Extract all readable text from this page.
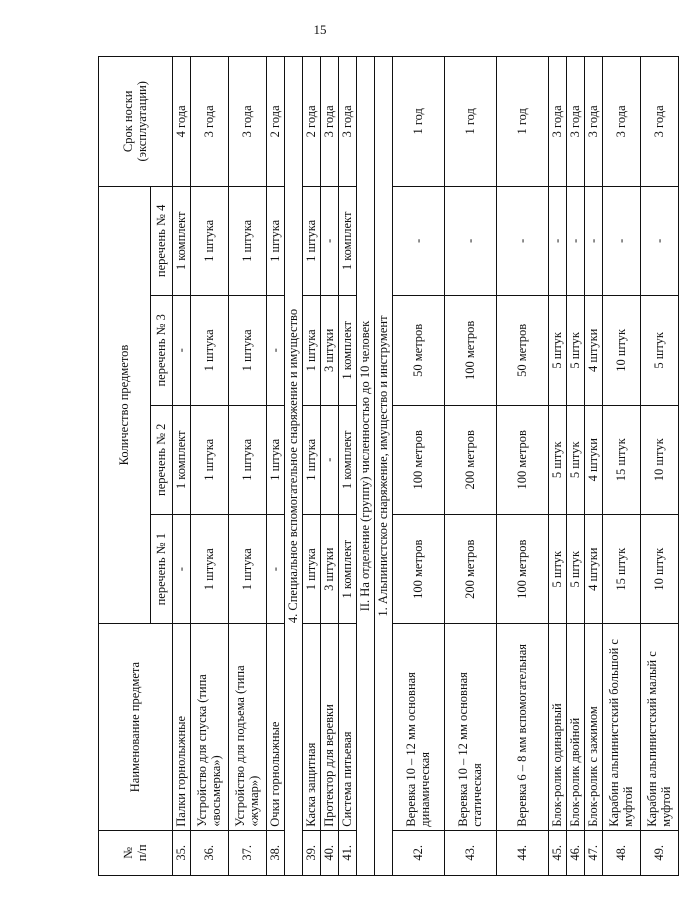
15
№
п/п	Наименование предмета	Количество предметов				Срок носки
(эксплуатации)
		перечень № 1	перечень № 2	перечень № 3	перечень № 4	
35.	Палки горнолыжные	-	1 комплект	-	1 комплект	4 года
36.	Устройство для спуска (типа «восьмерка»)	1 штука	1 штука	1 штука	1 штука	3 года
37.	Устройство для подъема (типа «жумар»)	1 штука	1 штука	1 штука	1 штука	3 года
38.	Очки горнолыжные	-	1 штука	-	1 штука	2 года
4. Специальное вспомогательное снаряжение и имущество						
39.	Каска защитная	1 штука	1 штука	1 штука	1 штука	2 года
40.	Протектор для веревки	3 штуки	-	3 штуки	-	3 года
41.	Система питьевая	1 комплект	1 комплект	1 комплект	1 комплект	3 года
II. На отделение (группу) численностью до 10 человек						
1. Альпинистское снаряжение, имущество и инструмент						
42.	Веревка 10 – 12 мм основная динамическая	100 метров	100 метров	50 метров	-	1 год
43.	Веревка 10 – 12 мм основная статическая	200 метров	200 метров	100 метров	-	1 год
44.	Веревка 6 – 8 мм вспомогательная	100 метров	100 метров	50 метров	-	1 год
45.	Блок-ролик одинарный	5 штук	5 штук	5 штук	-	3 года
46.	Блок-ролик двойной	5 штук	5 штук	5 штук	-	3 года
47.	Блок-ролик с зажимом	4 штуки	4 штуки	4 штуки	-	3 года
48.	Карабин альпинистский большой с муфтой	15 штук	15 штук	10 штук	-	3 года
49.	Карабин альпинистский малый с муфтой	10 штук	10 штук	5 штук	-	3 года
